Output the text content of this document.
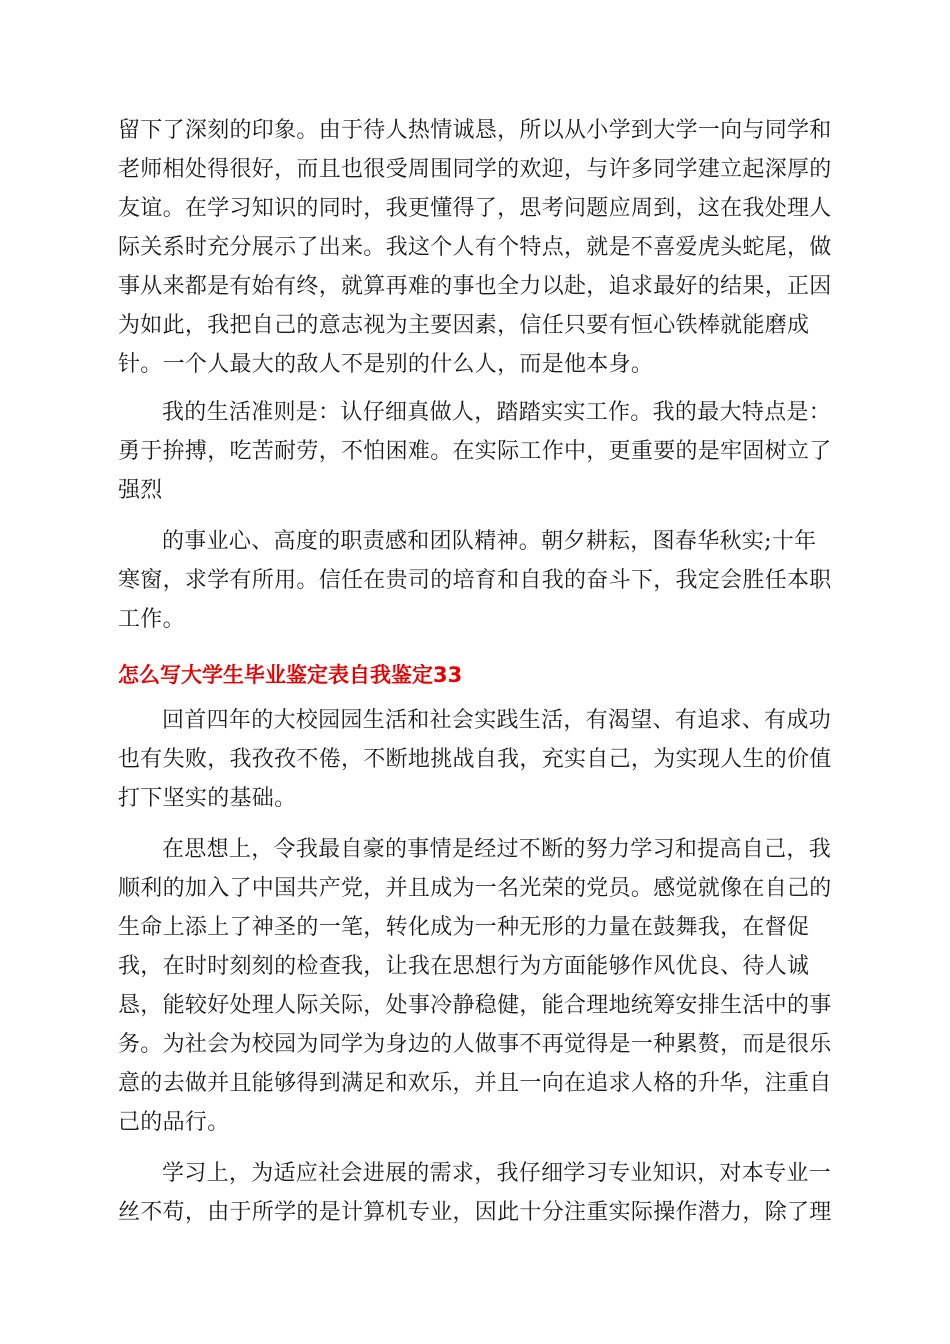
留下了深刻的印象。由于待人热情诚恳，所以从小学到大学一向与同学和
老师相处得很好，而且也很受周围同学的欢迎，与许多同学建立起深厚的
友谊。在学习知识的同时，我更懂得了，思考问题应周到，这在我处理人
际关系时充分展示了出来。我这个人有个特点，就是不喜爱虎头蛇尾，做
事从来都是有始有终，就算再难的事也全力以赴，追求最好的结果，正因
为如此，我把自己的意志视为主要因素，信任只要有恒心铁棒就能磨成
针。一个人最大的敌人不是别的什么人，而是他本身。
我的生活准则是：认仔细真做人，踏踏实实工作。我的最大特点是：
勇于拚搏，吃苦耐劳，不怕困难。在实际工作中，更重要的是牢固树立了
强烈
的事业心、高度的职责感和团队精神。朝夕耕耘，图春华秋实;十年
寒窗，求学有所用。信任在贵司的培育和自我的奋斗下，我定会胜任本职
工作。
怎么写大学生毕业鉴定表自我鉴定33
回首四年的大校园园生活和社会实践生活，有渴望、有追求、有成功
也有失败，我孜孜不倦，不断地挑战自我，充实自己，为实现人生的价值
打下坚实的基础。
在思想上，令我最自豪的事情是经过不断的努力学习和提高自己，我
顺利的加入了中国共产党，并且成为一名光荣的党员。感觉就像在自己的
生命上添上了神圣的一笔，转化成为一种无形的力量在鼓舞我，在督促
我，在时时刻刻的检查我，让我在思想行为方面能够作风优良、待人诚
恳，能较好处理人际关际，处事冷静稳健，能合理地统筹安排生活中的事
务。为社会为校园为同学为身边的人做事不再觉得是一种累赘，而是很乐
意的去做并且能够得到满足和欢乐，并且一向在追求人格的升华，注重自
己的品行。
学习上，为适应社会进展的需求，我仔细学习专业知识，对本专业一
丝不苟，由于所学的是计算机专业，因此十分注重实际操作潜力，除了理
